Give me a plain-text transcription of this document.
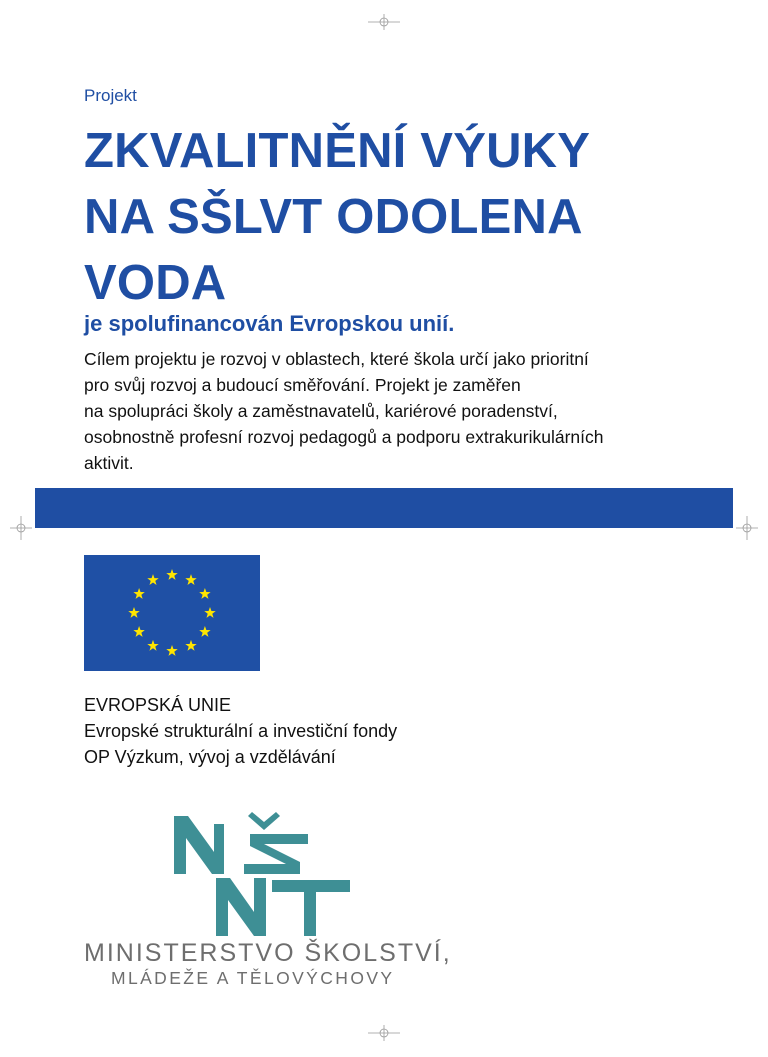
Projekt
ZKVALITNĚNÍ VÝUKY
NA SŠLVT ODOLENA
VODA
je spolufinancován Evropskou unií.

Cílem projektu je rozvoj v oblastech, které škola určí jako prioritní
pro svůj rozvoj a budoucí směřování. Projekt je zaměřen
na spolupráci školy a zaměstnavatelů, kariérové poradenství,
osobnostně profesní rozvoj pedagogů a podporu extrakurikulárních
aktivit.

EVROPSKÁ UNIE
Evropské strukturální a investiční fondy
OP Výzkum, vývoj a vzdělávání
MINISTERSTVO ŠKOLSTVÍ,
MLÁDEŽE A TĚLOVÝCHOVY
